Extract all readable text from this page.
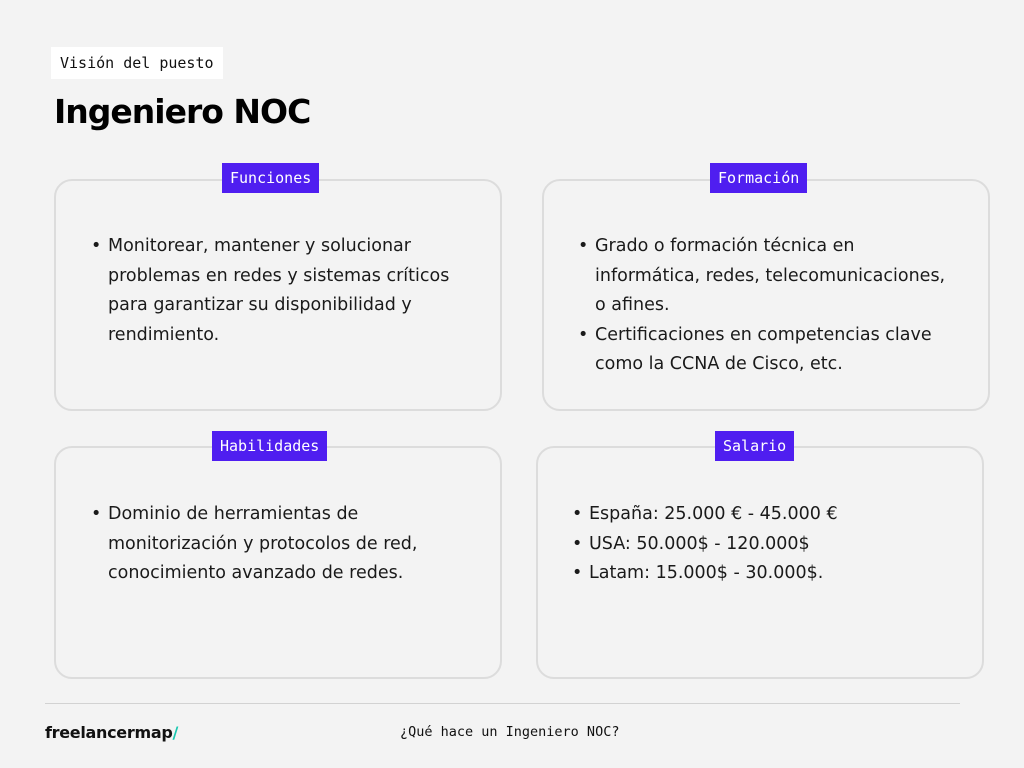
Visión del puesto
Ingeniero NOC
Funciones
• Monitorear, mantener y solucionar problemas en redes y sistemas críticos para garantizar su disponibilidad y rendimiento.
Formación
• Grado o formación técnica en informática, redes, telecomunicaciones, o afines.
• Certificaciones en competencias clave como la CCNA de Cisco, etc.
Habilidades
• Dominio de herramientas de monitorización y protocolos de red, conocimiento avanzado de redes.
Salario
• España: 25.000 € - 45.000 €
• USA: 50.000$ - 120.000$
• Latam: 15.000$ - 30.000$.
freelancermap/	¿Qué hace un Ingeniero NOC?
